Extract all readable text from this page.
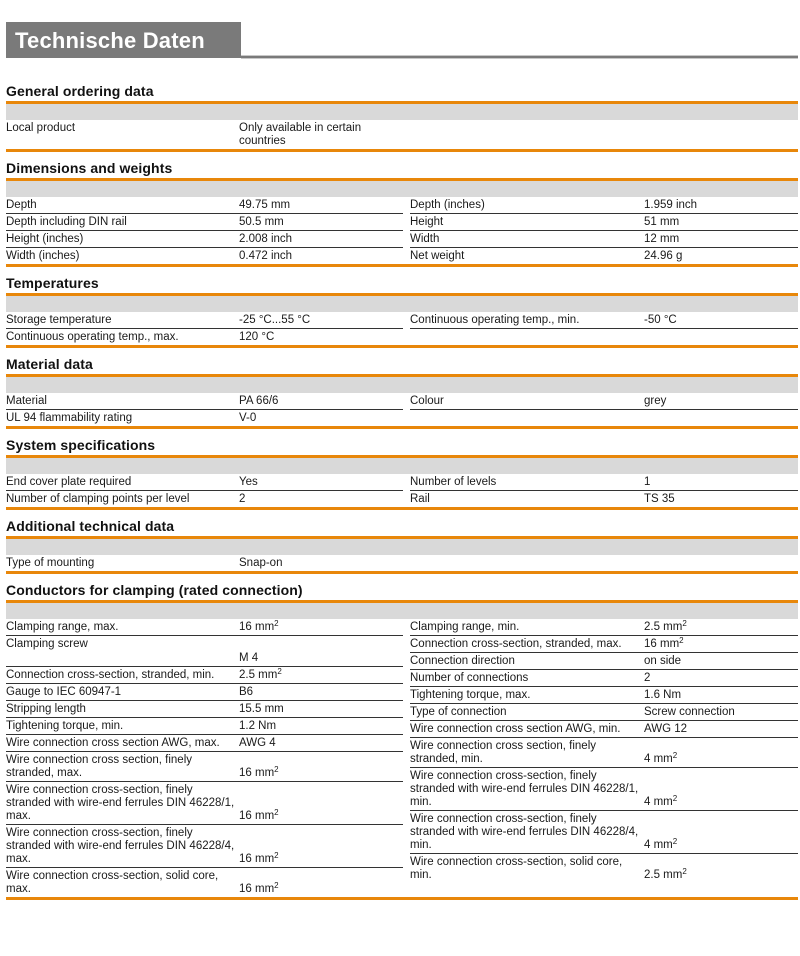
Technische Daten
General ordering data
Local product	Only available in certain countries
Dimensions and weights
Depth	49.75 mm
Depth including DIN rail	50.5 mm
Height (inches)	2.008 inch
Width (inches)	0.472 inch
Depth (inches)	1.959 inch
Height	51 mm
Width	12 mm
Net weight	24.96 g
Temperatures
Storage temperature	-25 °C...55 °C
Continuous operating temp., max.	120 °C
Continuous operating temp., min.	-50 °C
Material data
Material	PA 66/6
UL 94 flammability rating	V-0
Colour	grey
System specifications
End cover plate required	Yes
Number of clamping points per level	2
Number of levels	1
Rail	TS 35
Additional technical data
Type of mounting	Snap-on
Conductors for clamping (rated connection)
Clamping range, max.	16 $mm^2$
Clamping screw	M 4
Connection cross-section, stranded, min.	2.5 $mm^2$
Gauge to IEC 60947-1	B6
Stripping length	15.5 mm
Tightening torque, min.	1.2 Nm
Wire connection cross section AWG, max.	AWG 4
Wire connection cross section, finely stranded, max.	16 $mm^2$
Wire connection cross-section, finely stranded with wire-end ferrules DIN 46228/1, max.	16 $mm^2$
Wire connection cross-section, finely stranded with wire-end ferrules DIN 46228/4, max.	16 $mm^2$
Wire connection cross-section, solid core, max.	16 $mm^2$
Clamping range, min.	2.5 $mm^2$
Connection cross-section, stranded, max.	16 $mm^2$
Connection direction	on side
Number of connections	2
Tightening torque, max.	1.6 Nm
Type of connection	Screw connection
Wire connection cross section AWG, min.	AWG 12
Wire connection cross section, finely stranded, min.	4 $mm^2$
Wire connection cross-section, finely stranded with wire-end ferrules DIN 46228/1, min.	4 $mm^2$
Wire connection cross-section, finely stranded with wire-end ferrules DIN 46228/4, min.	4 $mm^2$
Wire connection cross-section, solid core, min.	2.5 $mm^2$
